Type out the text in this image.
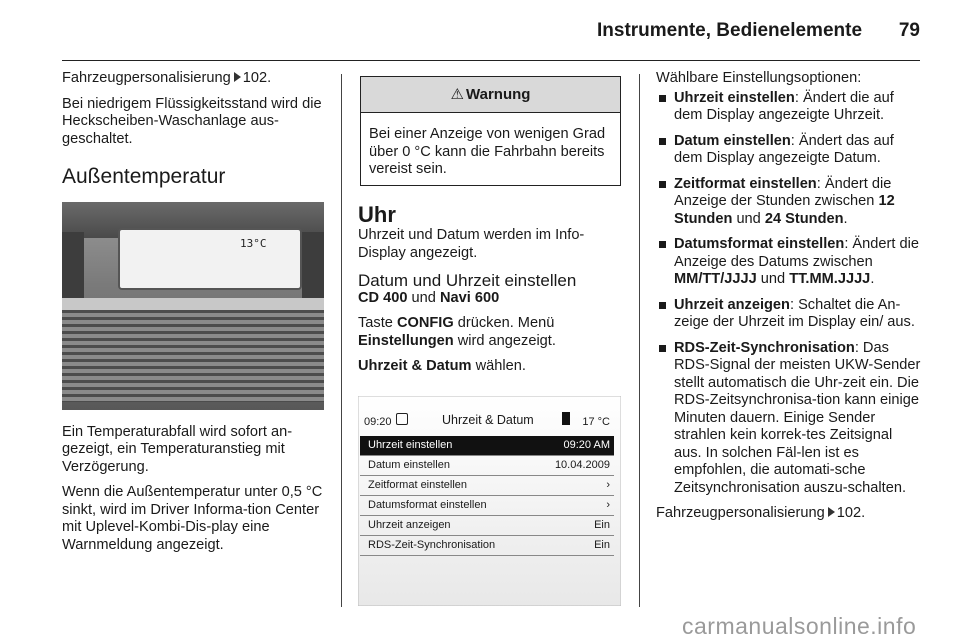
Instrumente, Bedienelemente 79

Fahrzeugpersonalisierung 102.

Bei niedrigem Flüssigkeitsstand wird die Heckscheiben-Waschanlage aus-geschaltet.

Außentemperatur
13°C

Ein Temperaturabfall wird sofort an-gezeigt, ein Temperaturanstieg mit Verzögerung.

Wenn die Außentemperatur unter 0,5 °C sinkt, wird im Driver Informa-tion Center mit Uplevel-Kombi-Dis-play eine Warnmeldung angezeigt.

⚠ Warnung
Bei einer Anzeige von wenigen Grad über 0 °C kann die Fahrbahn bereits vereist sein.
Uhr

Uhrzeit und Datum werden im Info-Display angezeigt.

Datum und Uhrzeit einstellen

CD 400 und Navi 600

Taste CONFIG drücken. Menü Einstellungen wird angezeigt.

Uhrzeit & Datum wählen.

09:20	Uhrzeit & Datum	17 °C
Uhrzeit einstellen	09:20 AM
Datum einstellen	10.04.2009
Zeitformat einstellen	›
Datumsformat einstellen	›
Uhrzeit anzeigen	Ein
RDS-Zeit-Synchronisation	Ein

Wählbare Einstellungsoptionen:

Uhrzeit einstellen: Ändert die auf dem Display angezeigte Uhrzeit.
Datum einstellen: Ändert das auf dem Display angezeigte Datum.
Zeitformat einstellen: Ändert die Anzeige der Stunden zwischen 12 Stunden und 24 Stunden.
Datumsformat einstellen: Ändert die Anzeige des Datums zwischen MM/TT/JJJJ und TT.MM.JJJJ.
Uhrzeit anzeigen: Schaltet die An-zeige der Uhrzeit im Display ein/ aus.
RDS-Zeit-Synchronisation: Das RDS-Signal der meisten UKW-Sender stellt automatisch die Uhr-zeit ein. Die RDS-Zeitsynchronisa-tion kann einige Minuten dauern. Einige Sender strahlen kein korrek-tes Zeitsignal aus. In solchen Fäl-len ist es empfohlen, die automati-sche Zeitsynchronisation auszu-schalten.

Fahrzeugpersonalisierung 102.

carmanualsonline.info
